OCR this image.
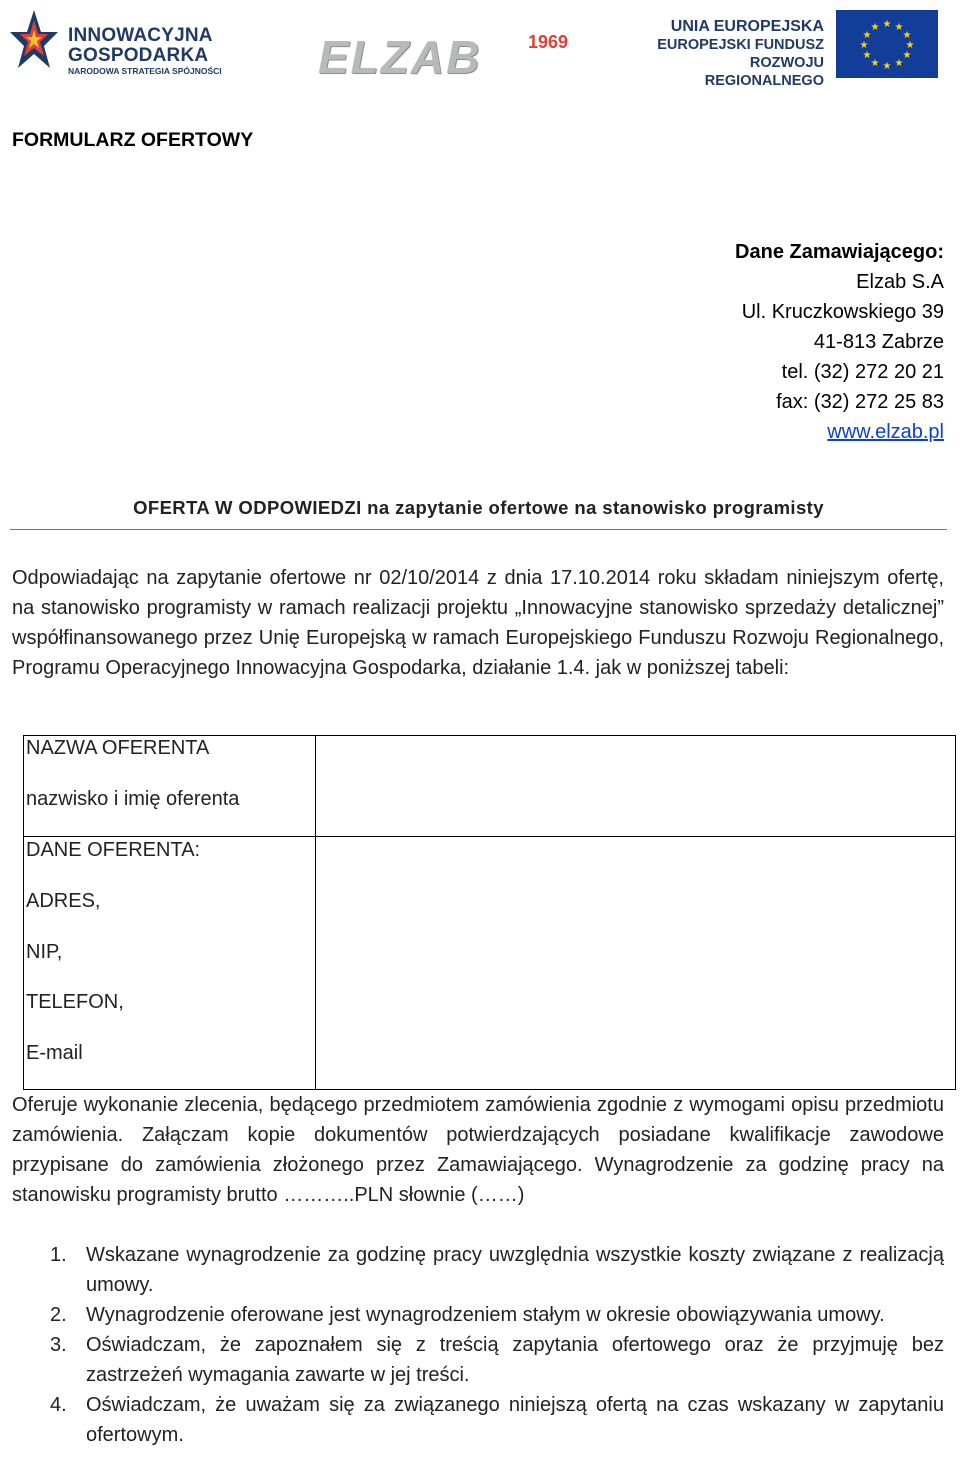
INNOWACYJNA
GOSPODARKA
NARODOWA STRATEGIA SPÓJNOŚCI ELZAB	1969
UNIA EUROPEJSKA
EUROPEJSKI FUNDUSZ
ROZWOJU REGIONALNEGO
★ ★
★
★
★
★
★
★
★
★
★
★
FORMULARZ OFERTOWY
Dane Zamawiającego:
Elzab S.A
Ul. Kruczkowskiego 39
41-813 Zabrze
tel. (32) 272 20 21
fax: (32) 272 25 83
www.elzab.pl
OFERTA W ODPOWIEDZI na zapytanie ofertowe na stanowisko programisty
Odpowiadając na zapytanie ofertowe nr 02/10/2014 z dnia 17.10.2014 roku składam niniejszym ofertę, na stanowisko programisty w ramach realizacji projektu „Innowacyjne stanowisko sprzedaży detalicznej” współfinansowanego przez Unię Europejską w ramach Europejskiego Funduszu Rozwoju Regionalnego, Programu Operacyjnego Innowacyjna Gospodarka, działanie 1.4. jak w poniższej tabeli:
NAZWA OFERENTA
nazwisko i imię oferenta
DANE OFERENTA:
ADRES,
NIP,
TELEFON,
E-mail
Oferuje wykonanie zlecenia, będącego przedmiotem zamówienia zgodnie z wymogami opisu przedmiotu zamówienia. Załączam kopie dokumentów potwierdzających posiadane kwalifikacje zawodowe przypisane do zamówienia złożonego przez Zamawiającego. Wynagrodzenie za godzinę pracy na stanowisku programisty brutto ………..PLN słownie (……)
1. Wskazane wynagrodzenie za godzinę pracy uwzględnia wszystkie koszty związane z realizacją umowy.
2. Wynagrodzenie oferowane jest wynagrodzeniem stałym w okresie obowiązywania umowy.
3. Oświadczam, że zapoznałem się z treścią zapytania ofertowego oraz że przyjmuję bez zastrzeżeń wymagania zawarte w jej treści.
4. Oświadczam, że uważam się za związanego niniejszą ofertą na czas wskazany w zapytaniu ofertowym.
